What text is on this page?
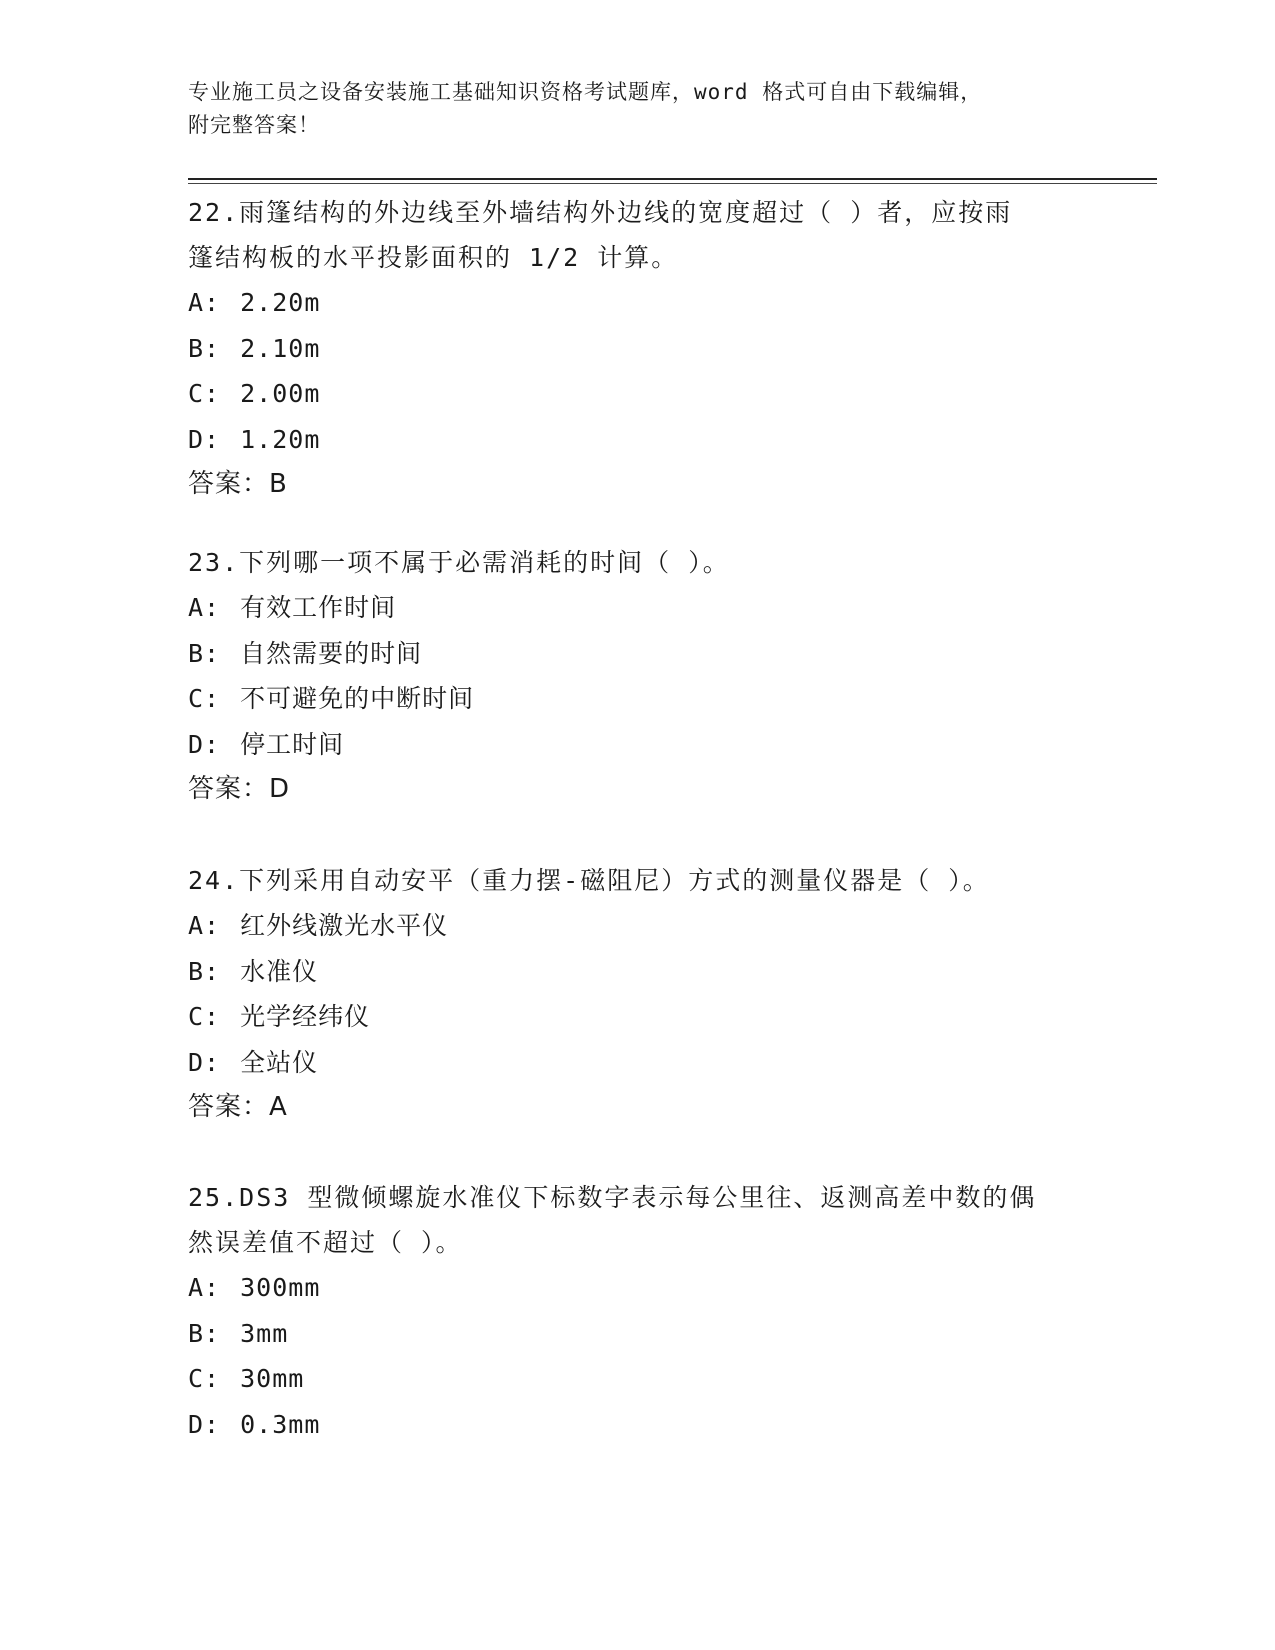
专业施工员之设备安装施工基础知识资格考试题库，word 格式可自由下载编辑，
附完整答案！

22.雨篷结构的外边线至外墙结构外边线的宽度超过（ ）者，应按雨

篷结构板的水平投影面积的 1/2 计算。

A: 2.20m

B: 2.10m

C: 2.00m

D: 1.20m

答案：B

23.下列哪一项不属于必需消耗的时间（ ）。

A: 有效工作时间

B: 自然需要的时间

C: 不可避免的中断时间

D: 停工时间

答案：D

24.下列采用自动安平（重力摆-磁阻尼）方式的测量仪器是（ ）。

A: 红外线激光水平仪

B: 水准仪

C: 光学经纬仪

D: 全站仪

答案：A

25.DS3 型微倾螺旋水准仪下标数字表示每公里往、返测高差中数的偶

然误差值不超过（ ）。

A: 300mm

B: 3mm

C: 30mm

D: 0.3mm
